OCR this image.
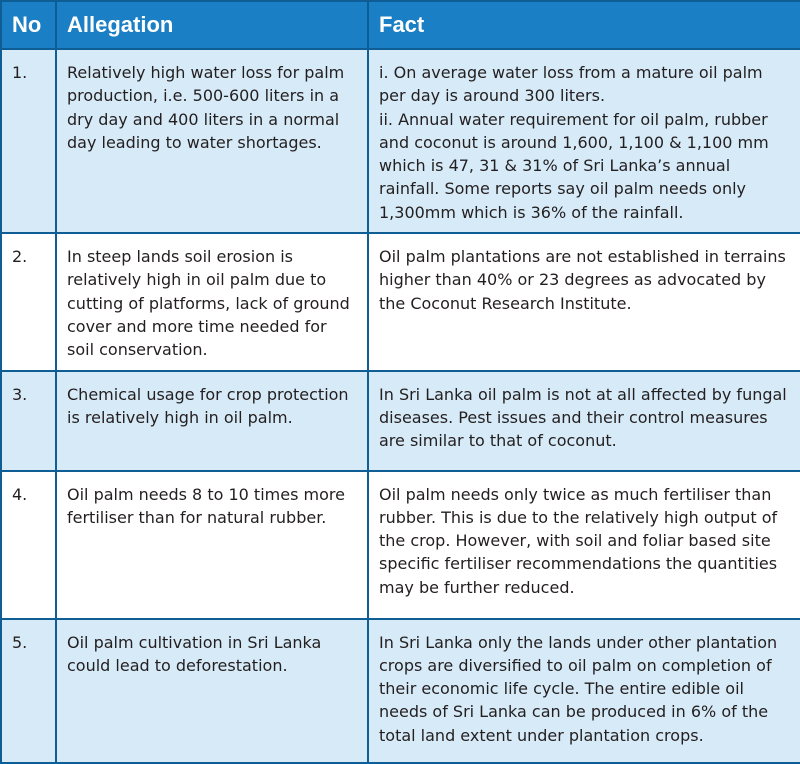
No	Allegation	Fact
1.	Relatively high water loss for palm production, i.e. 500-600 liters in a dry day and 400 liters in a normal day leading to water shortages.	i. On average water loss from a mature oil palm per day is around 300 liters.
ii. Annual water requirement for oil palm, rubber and coconut is around 1,600, 1,100 & 1,100 mm which is 47, 31 & 31% of Sri Lanka’s annual rainfall. Some reports say oil palm needs only 1,300mm which is 36% of the rainfall.

2.	In steep lands soil erosion is relatively high in oil palm due to cutting of platforms, lack of ground cover and more time needed for soil conservation.	Oil palm plantations are not established in terrains higher than 40% or 23 degrees as advocated by the Coconut Research Institute.

3.	Chemical usage for crop protection is relatively high in oil palm.	In Sri Lanka oil palm is not at all affected by fungal diseases. Pest issues and their control measures are similar to that of coconut.

4.	Oil palm needs 8 to 10 times more fertiliser than for natural rubber.	Oil palm needs only twice as much fertiliser than rubber. This is due to the relatively high output of the crop. However, with soil and foliar based site specific fertiliser recommendations the quantities may be further reduced.

5.	Oil palm cultivation in Sri Lanka could lead to deforestation.	In Sri Lanka only the lands under other plantation crops are diversified to oil palm on completion of their economic life cycle. The entire edible oil needs of Sri Lanka can be produced in 6% of the total land extent under plantation crops.
